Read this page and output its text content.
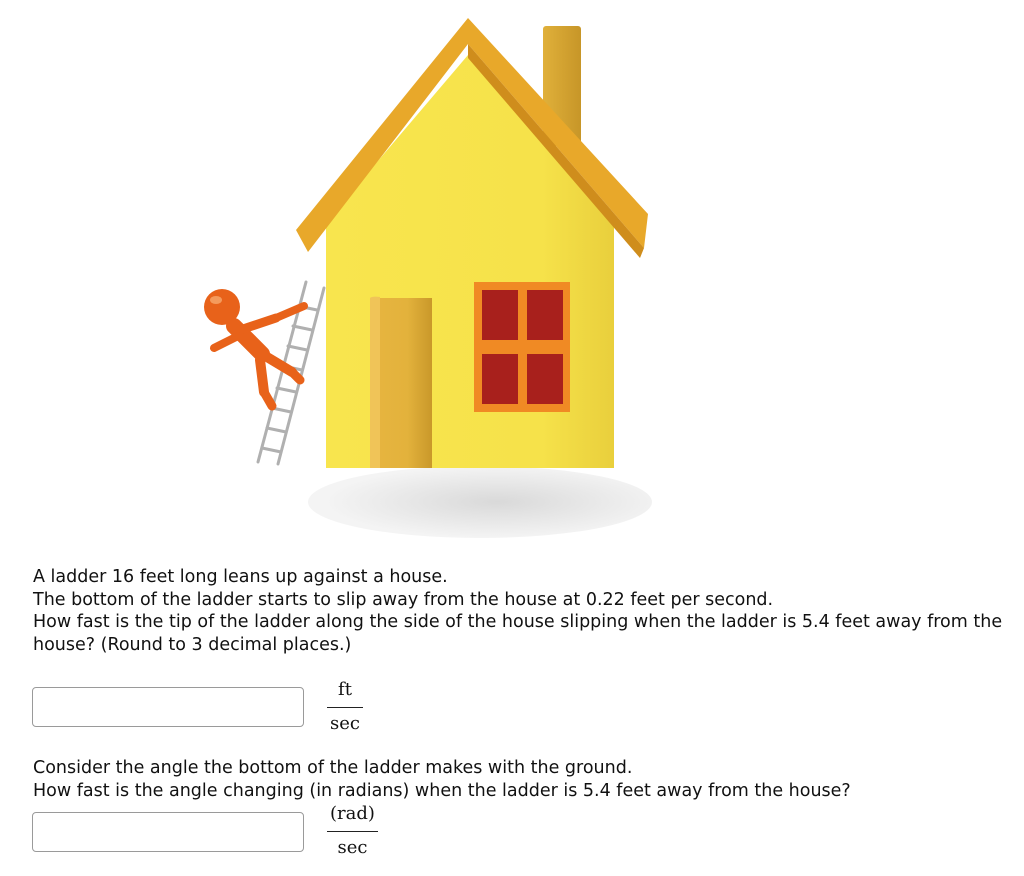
A ladder 16 feet long leans up against a house.

The bottom of the ladder starts to slip away from the house at 0.22 feet per second.

How fast is the tip of the ladder along the side of the house slipping when the ladder is 5.4 feet away from the house? (Round to 3 decimal places.)

ft
sec

Consider the angle the bottom of the ladder makes with the ground.

How fast is the angle changing (in radians) when the ladder is 5.4 feet away from the house?

(rad)
sec
